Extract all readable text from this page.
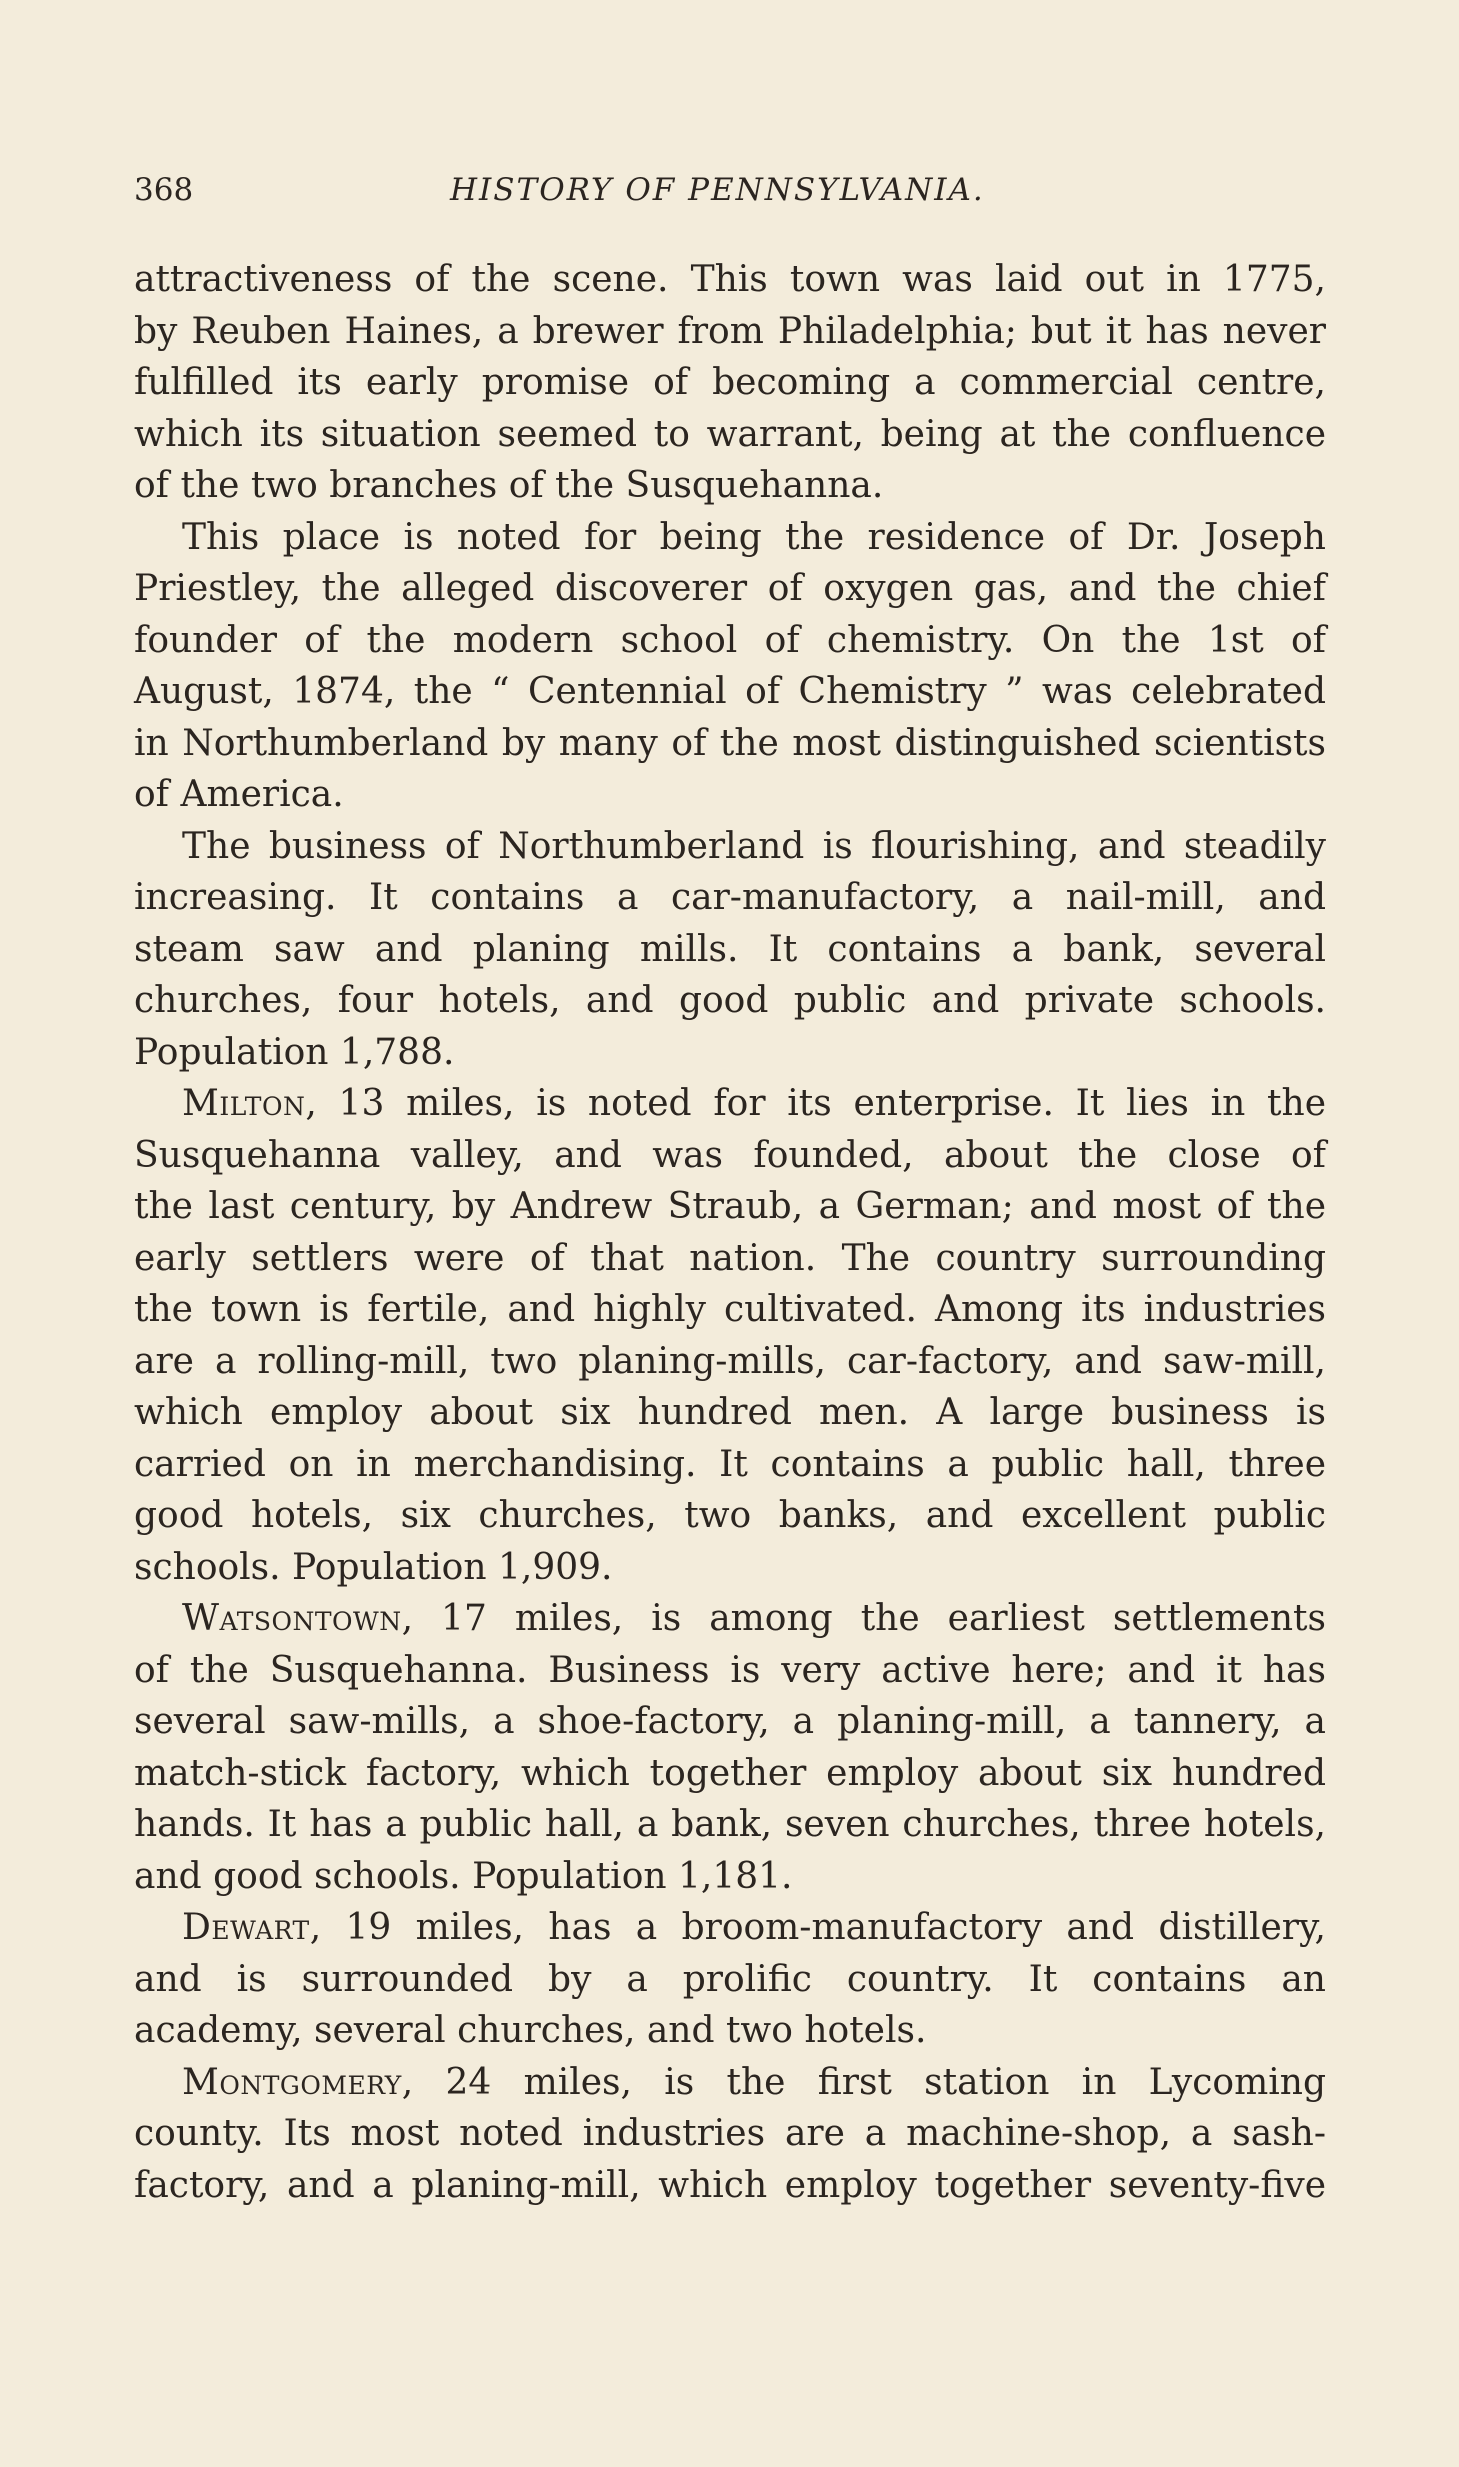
368	HISTORY OF PENNSYLVANIA.
attractiveness of the scene. This town was laid out in 1775,
by Reuben Haines, a brewer from Philadelphia; but it has never
fulfilled its early promise of becoming a commercial centre,
which its situation seemed to warrant, being at the confluence
of the two branches of the Susquehanna.
This place is noted for being the residence of Dr. Joseph
Priestley, the alleged discoverer of oxygen gas, and the chief
founder of the modern school of chemistry. On the 1st of
August, 1874, the “ Centennial of Chemistry ” was celebrated
in Northumberland by many of the most distinguished scientists
of America.
The business of Northumberland is flourishing, and steadily
increasing. It contains a car-manufactory, a nail-mill, and
steam saw and planing mills. It contains a bank, several
churches, four hotels, and good public and private schools.
Population 1,788.
Milton, 13 miles, is noted for its enterprise. It lies in the
Susquehanna valley, and was founded, about the close of
the last century, by Andrew Straub, a German; and most of the
early settlers were of that nation. The country surrounding
the town is fertile, and highly cultivated. Among its industries
are a rolling-mill, two planing-mills, car-factory, and saw-mill,
which employ about six hundred men. A large business is
carried on in merchandising. It contains a public hall, three
good hotels, six churches, two banks, and excellent public
schools. Population 1,909.
Watsontown, 17 miles, is among the earliest settlements
of the Susquehanna. Business is very active here; and it has
several saw-mills, a shoe-factory, a planing-mill, a tannery, a
match-stick factory, which together employ about six hundred
hands. It has a public hall, a bank, seven churches, three hotels,
and good schools. Population 1,181.
Dewart, 19 miles, has a broom-manufactory and distillery,
and is surrounded by a prolific country. It contains an
academy, several churches, and two hotels.
Montgomery, 24 miles, is the first station in Lycoming
county. Its most noted industries are a machine-shop, a sash-
factory, and a planing-mill, which employ together seventy-five
